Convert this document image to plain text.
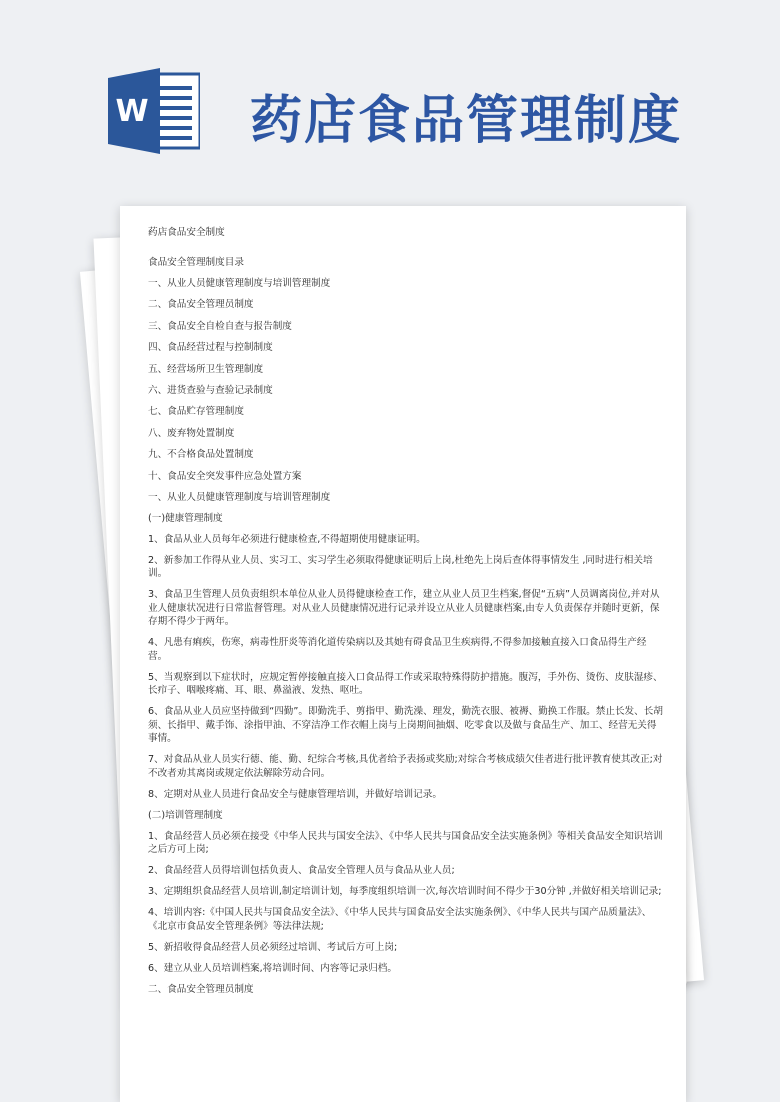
W 药店食品管理制度
药店食品安全制度
食品安全管理制度目录
一、从业人员健康管理制度与培训管理制度
二、食品安全管理员制度
三、食品安全自检自查与报告制度
四、食品经营过程与控制制度
五、经营场所卫生管理制度
六、进货查验与查验记录制度
七、食品贮存管理制度
八、废弃物处置制度
九、不合格食品处置制度
十、食品安全突发事件应急处置方案
一、从业人员健康管理制度与培训管理制度
(一)健康管理制度
1、食品从业人员每年必须进行健康检查,不得超期使用健康证明。
2、新参加工作得从业人员、实习工、实习学生必须取得健康证明后上岗,杜绝先上岗后查体得事情发生 ,同时进行相关培训。
3、食品卫生管理人员负责组织本单位从业人员得健康检查工作，建立从业人员卫生档案,督促“五病”人员调离岗位,并对从业人健康状况进行日常监督管理。对从业人员健康情况进行记录并设立从业人员健康档案,由专人负责保存并随时更新，保存期不得少于两年。
4、凡患有痢疾，伤寒，病毒性肝炎等消化道传染病以及其她有碍食品卫生疾病得,不得参加接触直接入口食品得生产经营。
5、当观察到以下症状时，应规定暂停接触直接入口食品得工作或采取特殊得防护措施。腹泻，手外伤、烫伤、皮肤湿疹、长疖子、咽喉疼痛、耳、眼、鼻溢液、发热、呕吐。
6、食品从业人员应坚持做到“四勤”。即勤洗手、剪指甲、勤洗澡、理发，勤洗衣服、被褥、勤换工作服。禁止长发、长胡须、长指甲、戴手饰、涂指甲油、不穿洁净工作衣帽上岗与上岗期间抽烟、吃零食以及做与食品生产、加工、经营无关得事情。
7、对食品从业人员实行德、能、勤、纪综合考核,具优者给予表扬或奖励;对综合考核成绩欠佳者进行批评教育使其改正;对不改者劝其离岗或规定依法解除劳动合同。
8、定期对从业人员进行食品安全与健康管理培训，并做好培训记录。
(二)培训管理制度
1、食品经营人员必须在接受《中华人民共与国安全法》、《中华人民共与国食品安全法实施条例》等相关食品安全知识培训之后方可上岗;
2、食品经营人员得培训包括负责人、食品安全管理人员与食品从业人员;
3、定期组织食品经营人员培训,制定培训计划，每季度组织培训一次,每次培训时间不得少于30分钟 ,并做好相关培训记录;
4、培训内容:《中国人民共与国食品安全法》、《中华人民共与国食品安全法实施条例》、《中华人民共与国产品质量法》、《北京市食品安全管理条例》等法律法规;
5、新招收得食品经营人员必须经过培训、考试后方可上岗;
6、建立从业人员培训档案,将培训时间、内容等记录归档。
二、食品安全管理员制度
